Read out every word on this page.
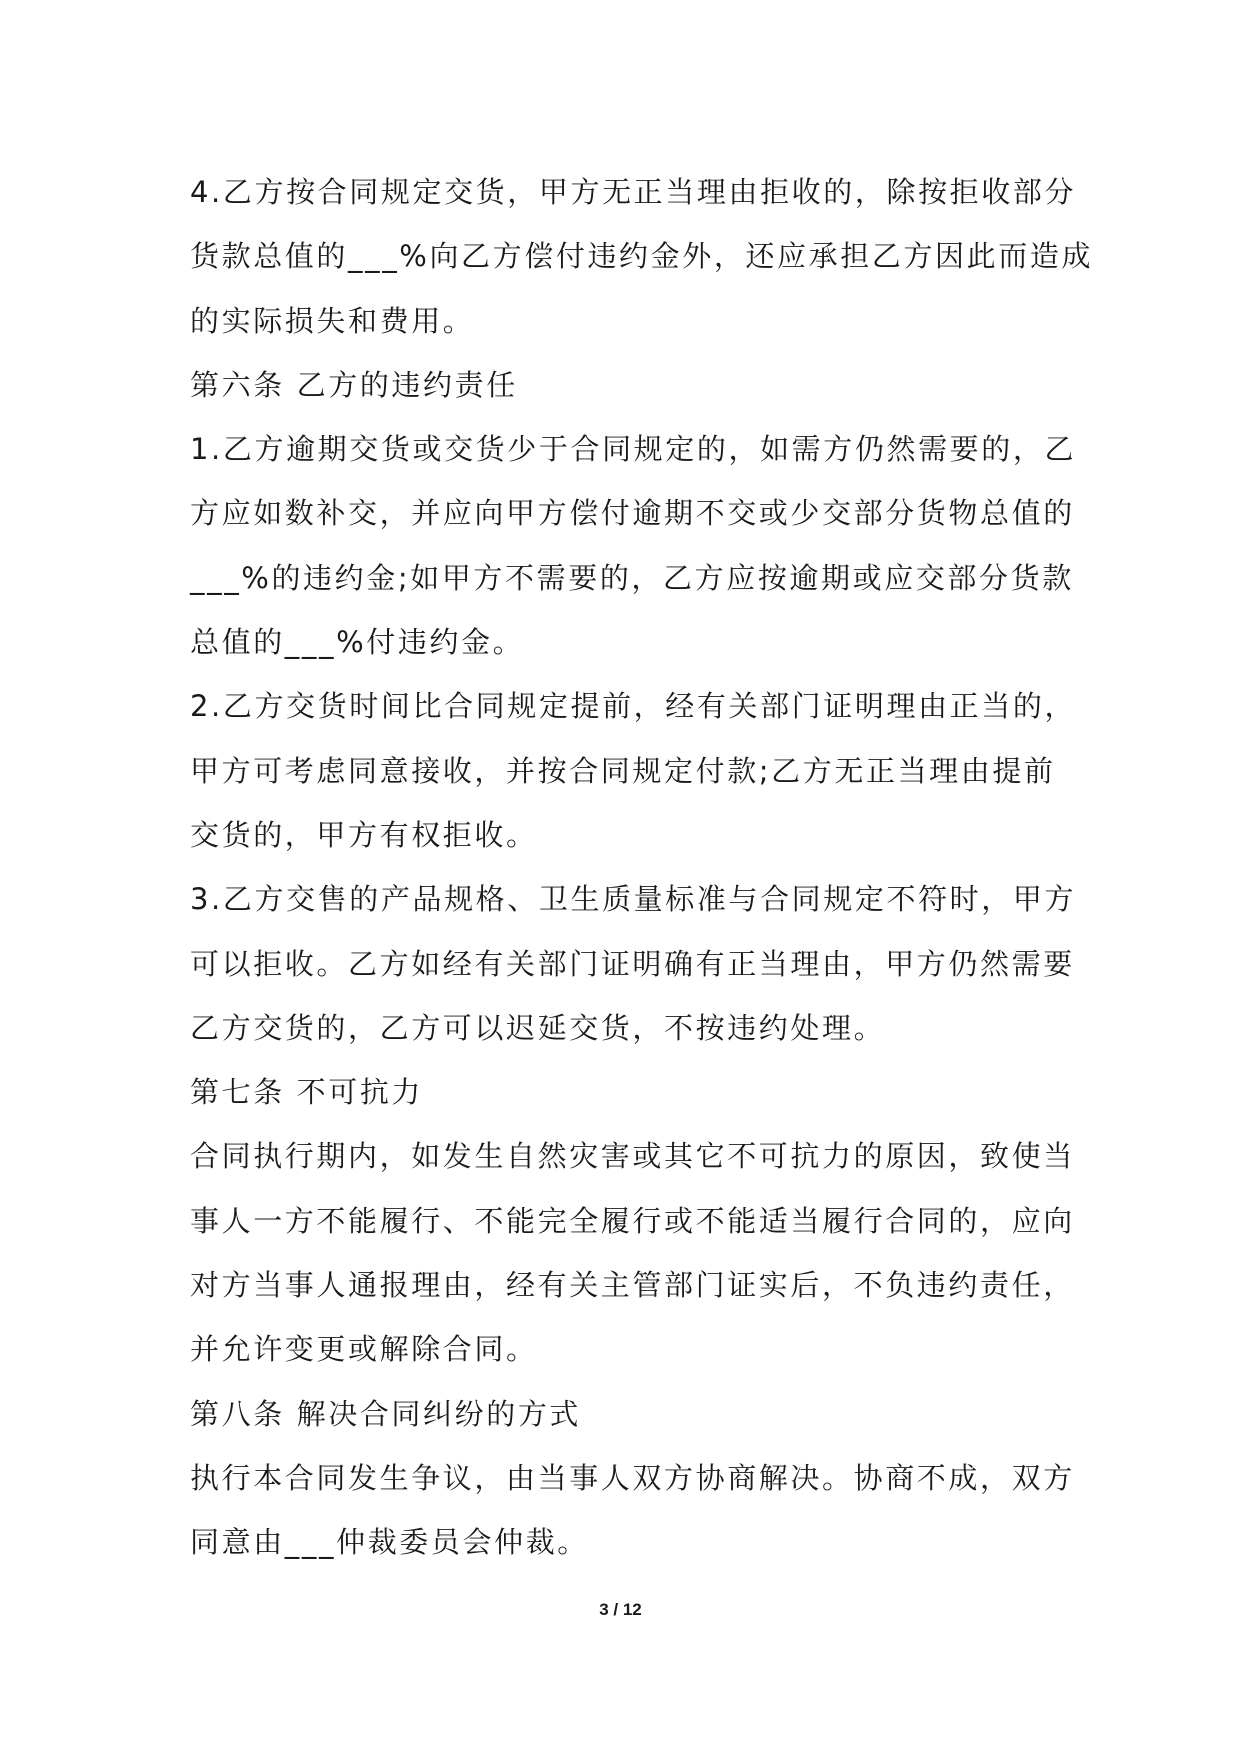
4.乙方按合同规定交货，甲方无正当理由拒收的，除按拒收部分
货款总值的___%向乙方偿付违约金外，还应承担乙方因此而造成
的实际损失和费用。
第六条 乙方的违约责任
1.乙方逾期交货或交货少于合同规定的，如需方仍然需要的，乙
方应如数补交，并应向甲方偿付逾期不交或少交部分货物总值的
___%的违约金;如甲方不需要的，乙方应按逾期或应交部分货款
总值的___%付违约金。
2.乙方交货时间比合同规定提前，经有关部门证明理由正当的，
甲方可考虑同意接收，并按合同规定付款;乙方无正当理由提前
交货的，甲方有权拒收。
3.乙方交售的产品规格、卫生质量标准与合同规定不符时，甲方
可以拒收。乙方如经有关部门证明确有正当理由，甲方仍然需要
乙方交货的，乙方可以迟延交货，不按违约处理。
第七条 不可抗力
合同执行期内，如发生自然灾害或其它不可抗力的原因，致使当
事人一方不能履行、不能完全履行或不能适当履行合同的，应向
对方当事人通报理由，经有关主管部门证实后，不负违约责任，
并允许变更或解除合同。
第八条 解决合同纠纷的方式
执行本合同发生争议，由当事人双方协商解决。协商不成，双方
同意由___仲裁委员会仲裁。
3 / 12
